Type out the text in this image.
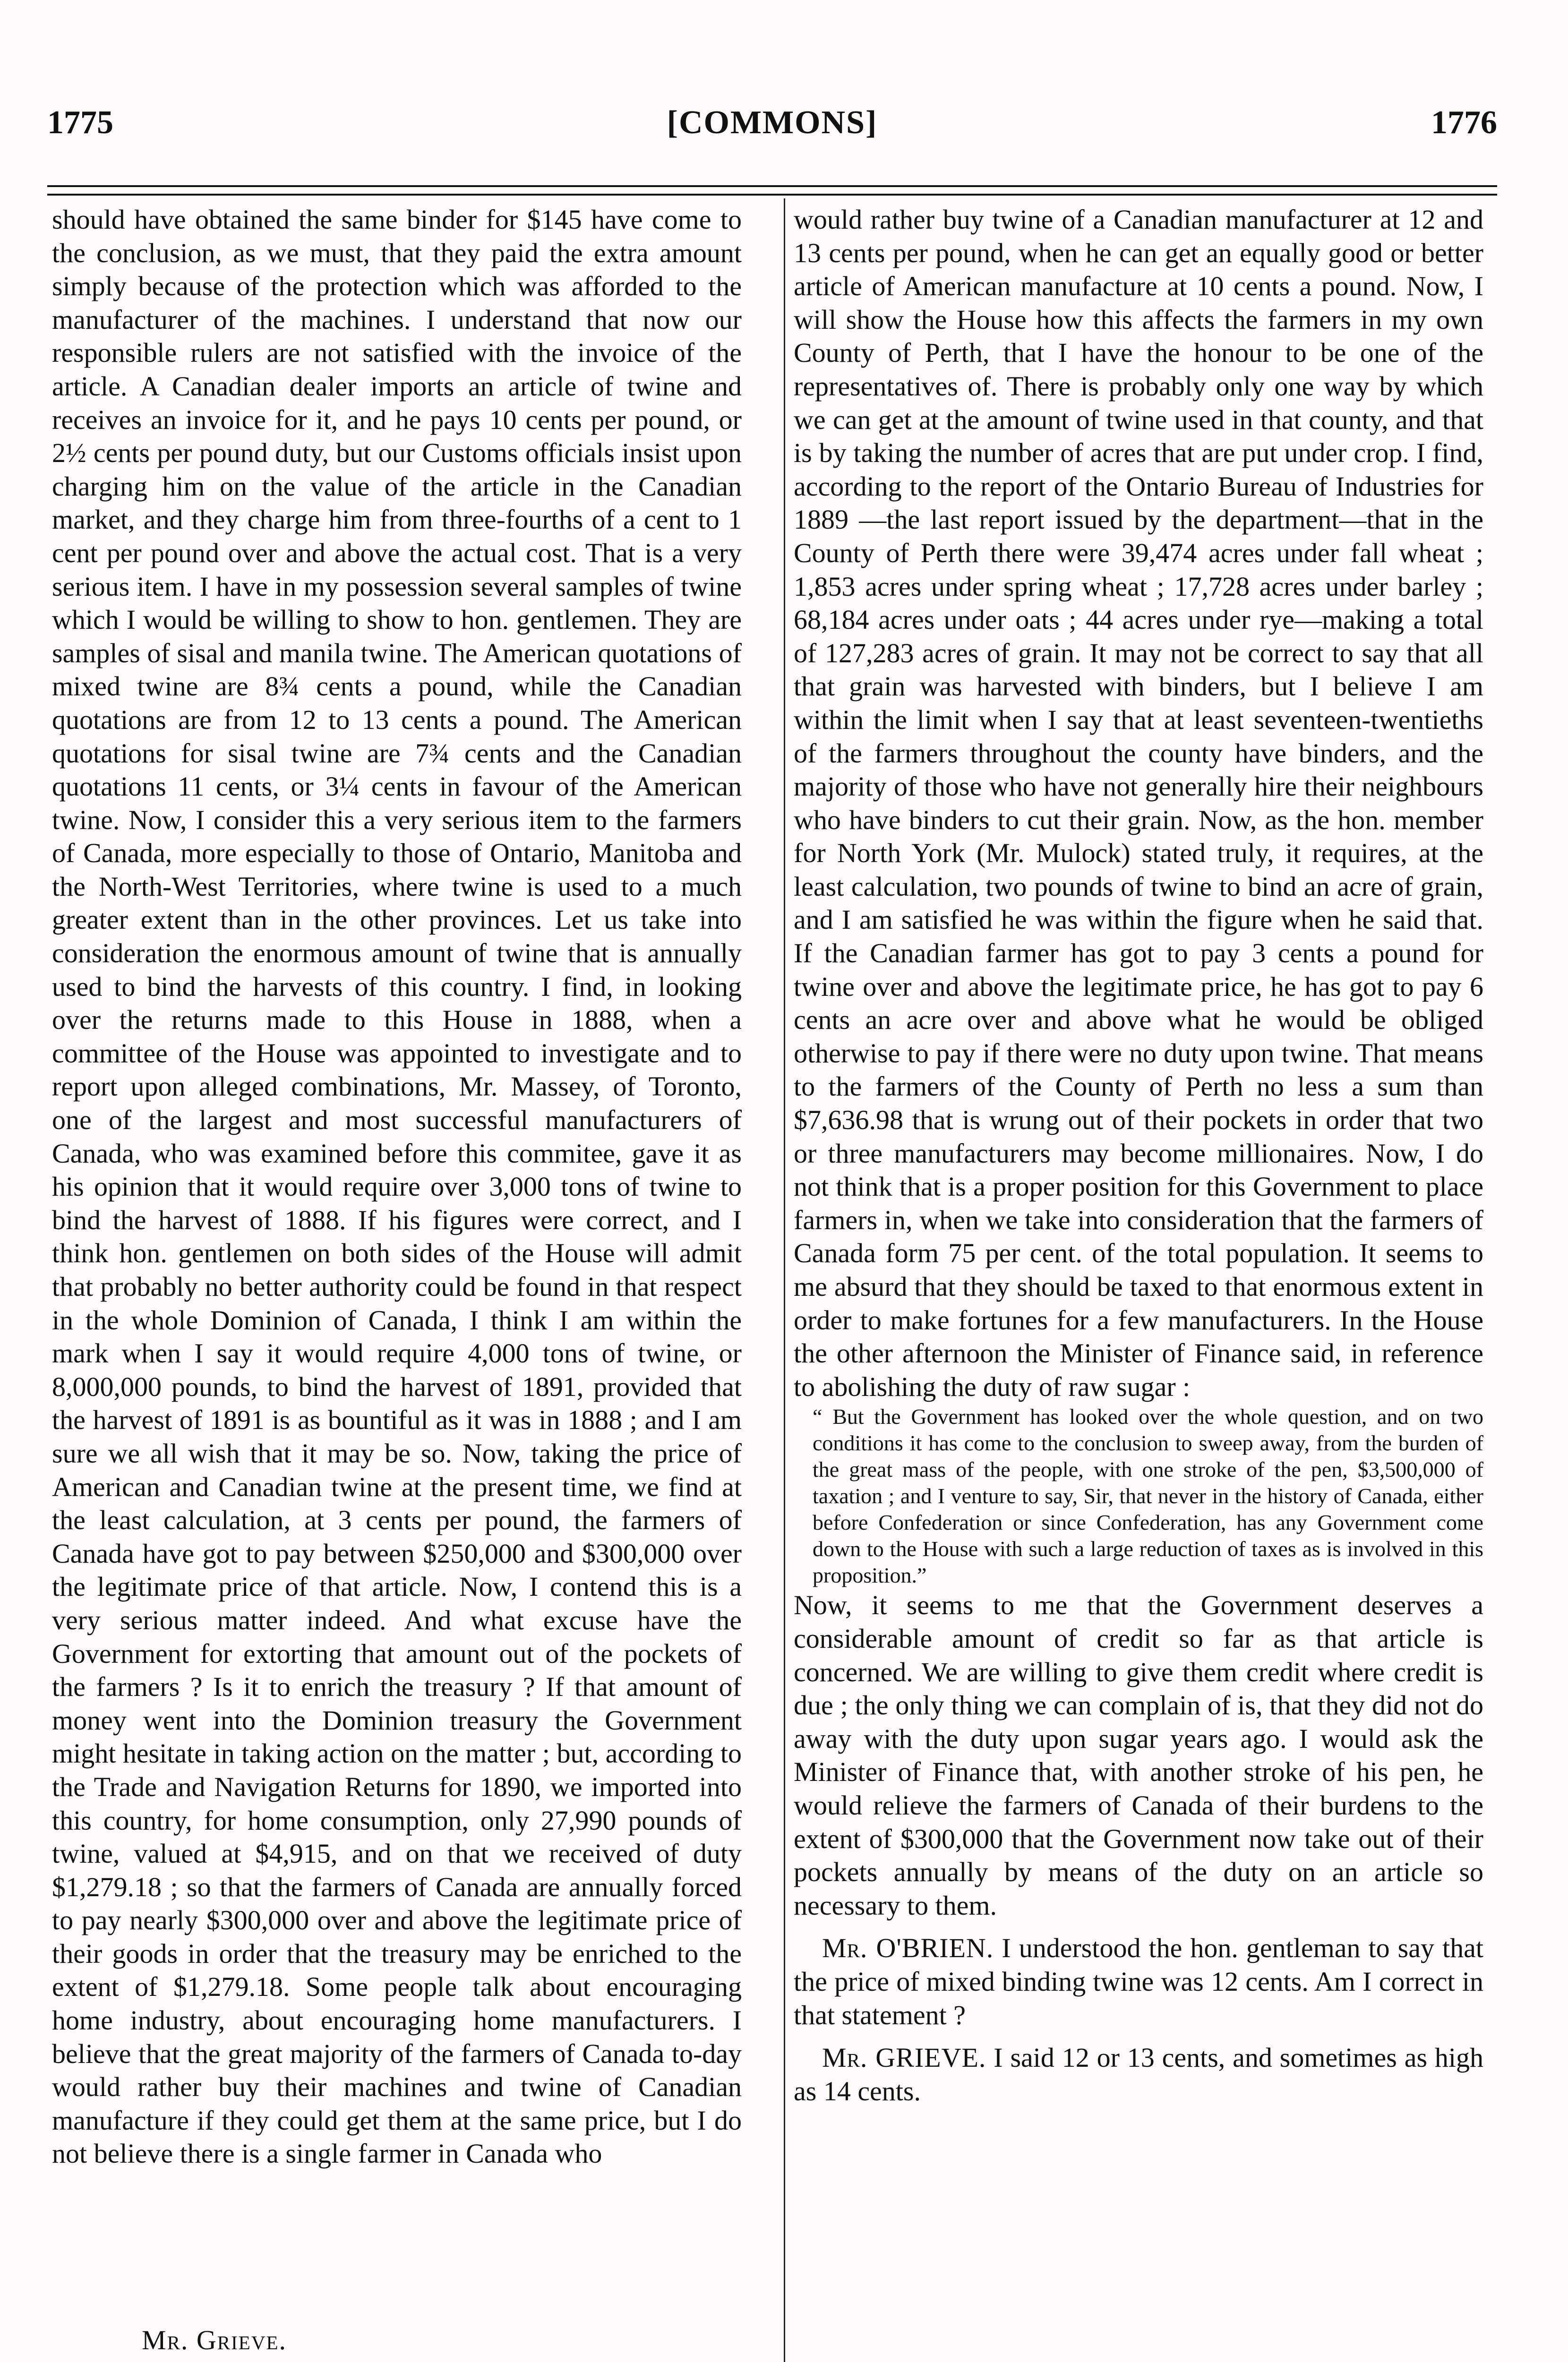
1775	[COMMONS]	1776

should have obtained the same binder for $145 have come to the conclusion, as we must, that they paid the extra amount simply because of the protection which was afforded to the manufacturer of the machines. I understand that now our responsible rulers are not satisfied with the invoice of the article. A Canadian dealer imports an article of twine and receives an invoice for it, and he pays 10 cents per pound, or 2½ cents per pound duty, but our Customs officials insist upon charging him on the value of the article in the Canadian market, and they charge him from three-fourths of a cent to 1 cent per pound over and above the actual cost. That is a very serious item. I have in my possession several samples of twine which I would be willing to show to hon. gentlemen. They are samples of sisal and manila twine. The American quotations of mixed twine are 8¾ cents a pound, while the Canadian quotations are from 12 to 13 cents a pound. The American quotations for sisal twine are 7¾ cents and the Canadian quotations 11 cents, or 3¼ cents in favour of the American twine. Now, I consider this a very serious item to the farmers of Canada, more especially to those of Ontario, Manitoba and the North-West Territories, where twine is used to a much greater extent than in the other provinces. Let us take into consideration the enormous amount of twine that is annually used to bind the harvests of this country. I find, in looking over the returns made to this House in 1888, when a committee of the House was appointed to investigate and to report upon alleged combinations, Mr. Massey, of Toronto, one of the largest and most successful manufacturers of Canada, who was examined before this commitee, gave it as his opinion that it would require over 3,000 tons of twine to bind the harvest of 1888. If his figures were correct, and I think hon. gentlemen on both sides of the House will admit that probably no better authority could be found in that respect in the whole Dominion of Canada, I think I am within the mark when I say it would require 4,000 tons of twine, or 8,000,000 pounds, to bind the harvest of 1891, provided that the harvest of 1891 is as bountiful as it was in 1888 ; and I am sure we all wish that it may be so. Now, taking the price of American and Canadian twine at the present time, we find at the least calculation, at 3 cents per pound, the farmers of Canada have got to pay between $250,000 and $300,000 over the legitimate price of that article. Now, I contend this is a very serious matter indeed. And what excuse have the Government for extorting that amount out of the pockets of the farmers ? Is it to enrich the treasury ? If that amount of money went into the Dominion treasury the Government might hesitate in taking action on the matter ; but, according to the Trade and Navigation Returns for 1890, we imported into this country, for home consumption, only 27,990 pounds of twine, valued at $4,915, and on that we received of duty $1,279.18 ; so that the farmers of Canada are annually forced to pay nearly $300,000 over and above the legitimate price of their goods in order that the treasury may be enriched to the extent of $1,279.18. Some people talk about encouraging home industry, about encouraging home manufacturers. I believe that the great majority of the farmers of Canada to-day would rather buy their machines and twine of Canadian manufacture if they could get them at the same price, but I do not believe there is a single farmer in Canada who

would rather buy twine of a Canadian manufacturer at 12 and 13 cents per pound, when he can get an equally good or better article of American manufacture at 10 cents a pound. Now, I will show the House how this affects the farmers in my own County of Perth, that I have the honour to be one of the representatives of. There is probably only one way by which we can get at the amount of twine used in that county, and that is by taking the number of acres that are put under crop. I find, according to the report of the Ontario Bureau of Industries for 1889 —the last report issued by the department—that in the County of Perth there were 39,474 acres under fall wheat ; 1,853 acres under spring wheat ; 17,728 acres under barley ; 68,184 acres under oats ; 44 acres under rye—making a total of 127,283 acres of grain. It may not be correct to say that all that grain was harvested with binders, but I believe I am within the limit when I say that at least seventeen-twentieths of the farmers throughout the county have binders, and the majority of those who have not generally hire their neighbours who have binders to cut their grain. Now, as the hon. member for North York (Mr. Mulock) stated truly, it requires, at the least calculation, two pounds of twine to bind an acre of grain, and I am satisfied he was within the figure when he said that. If the Canadian farmer has got to pay 3 cents a pound for twine over and above the legitimate price, he has got to pay 6 cents an acre over and above what he would be obliged otherwise to pay if there were no duty upon twine. That means to the farmers of the County of Perth no less a sum than $7,636.98 that is wrung out of their pockets in order that two or three manufacturers may become millionaires. Now, I do not think that is a proper position for this Government to place farmers in, when we take into consideration that the farmers of Canada form 75 per cent. of the total population. It seems to me absurd that they should be taxed to that enormous extent in order to make fortunes for a few manufacturers. In the House the other afternoon the Minister of Finance said, in reference to abolishing the duty of raw sugar :

“ But the Government has looked over the whole question, and on two conditions it has come to the conclusion to sweep away, from the burden of the great mass of the people, with one stroke of the pen, $3,500,000 of taxation ; and I venture to say, Sir, that never in the history of Canada, either before Confederation or since Confederation, has any Government come down to the House with such a large reduction of taxes as is involved in this proposition.”

Now, it seems to me that the Government deserves a considerable amount of credit so far as that article is concerned. We are willing to give them credit where credit is due ; the only thing we can complain of is, that they did not do away with the duty upon sugar years ago. I would ask the Minister of Finance that, with another stroke of his pen, he would relieve the farmers of Canada of their burdens to the extent of $300,000 that the Government now take out of their pockets annually by means of the duty on an article so necessary to them.

Mr. O'BRIEN. I understood the hon. gentleman to say that the price of mixed binding twine was 12 cents. Am I correct in that statement ?

Mr. GRIEVE. I said 12 or 13 cents, and sometimes as high as 14 cents.

Mr. Grieve.
